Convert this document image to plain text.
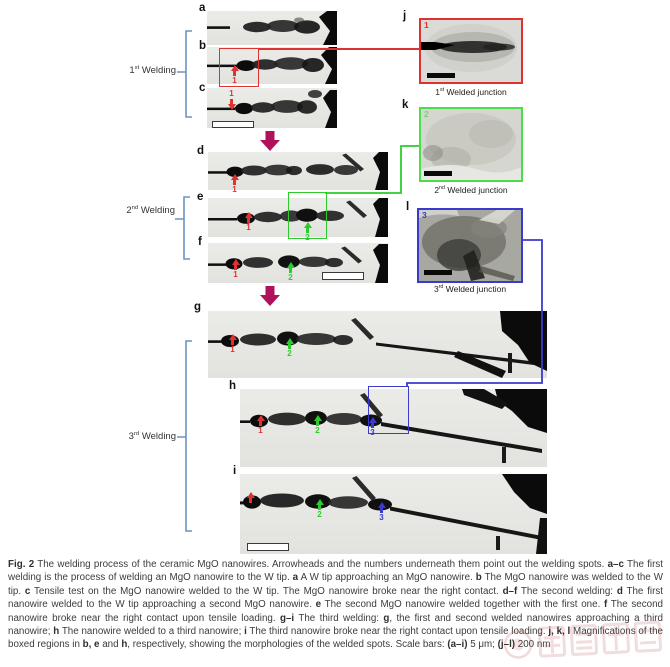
a
b
c
d
e
f
g
h
i
j
k
l
1st Welding
2nd Welding
3rd Welding
1
1st Welded junction
2
2nd Welded junction
3
3rd Welded junction
1
1
1
1
2
1	2
1	2
1	2	3
2	3
Fig. 2 The welding process of the ceramic MgO nanowires. Arrowheads and the numbers underneath them point out the welding spots. a–c The first welding is the process of welding an MgO nanowire to the W tip. a A W tip approaching an MgO nanowire. b The MgO nanowire was welded to the W tip. c Tensile test on the MgO nanowire welded to the W tip. The MgO nanowire broke near the right contact. d–f The second welding: d The first nanowire welded to the W tip approaching a second MgO nanowire. e The second MgO nanowire welded together with the first one. f The second nanowire broke near the right contact upon tensile loading. g–i The third welding: g, the first and second welded nanowires approaching a third nanowire; h The nanowire welded to a third nanowire; i The third nanowire broke near the right contact upon tensile loading. j, k, l Magnifications of the boxed regions in b, e and h, respectively, showing the morphologies of the welded spots. Scale bars: (a–i) 5 μm; (j–l) 200 nm
